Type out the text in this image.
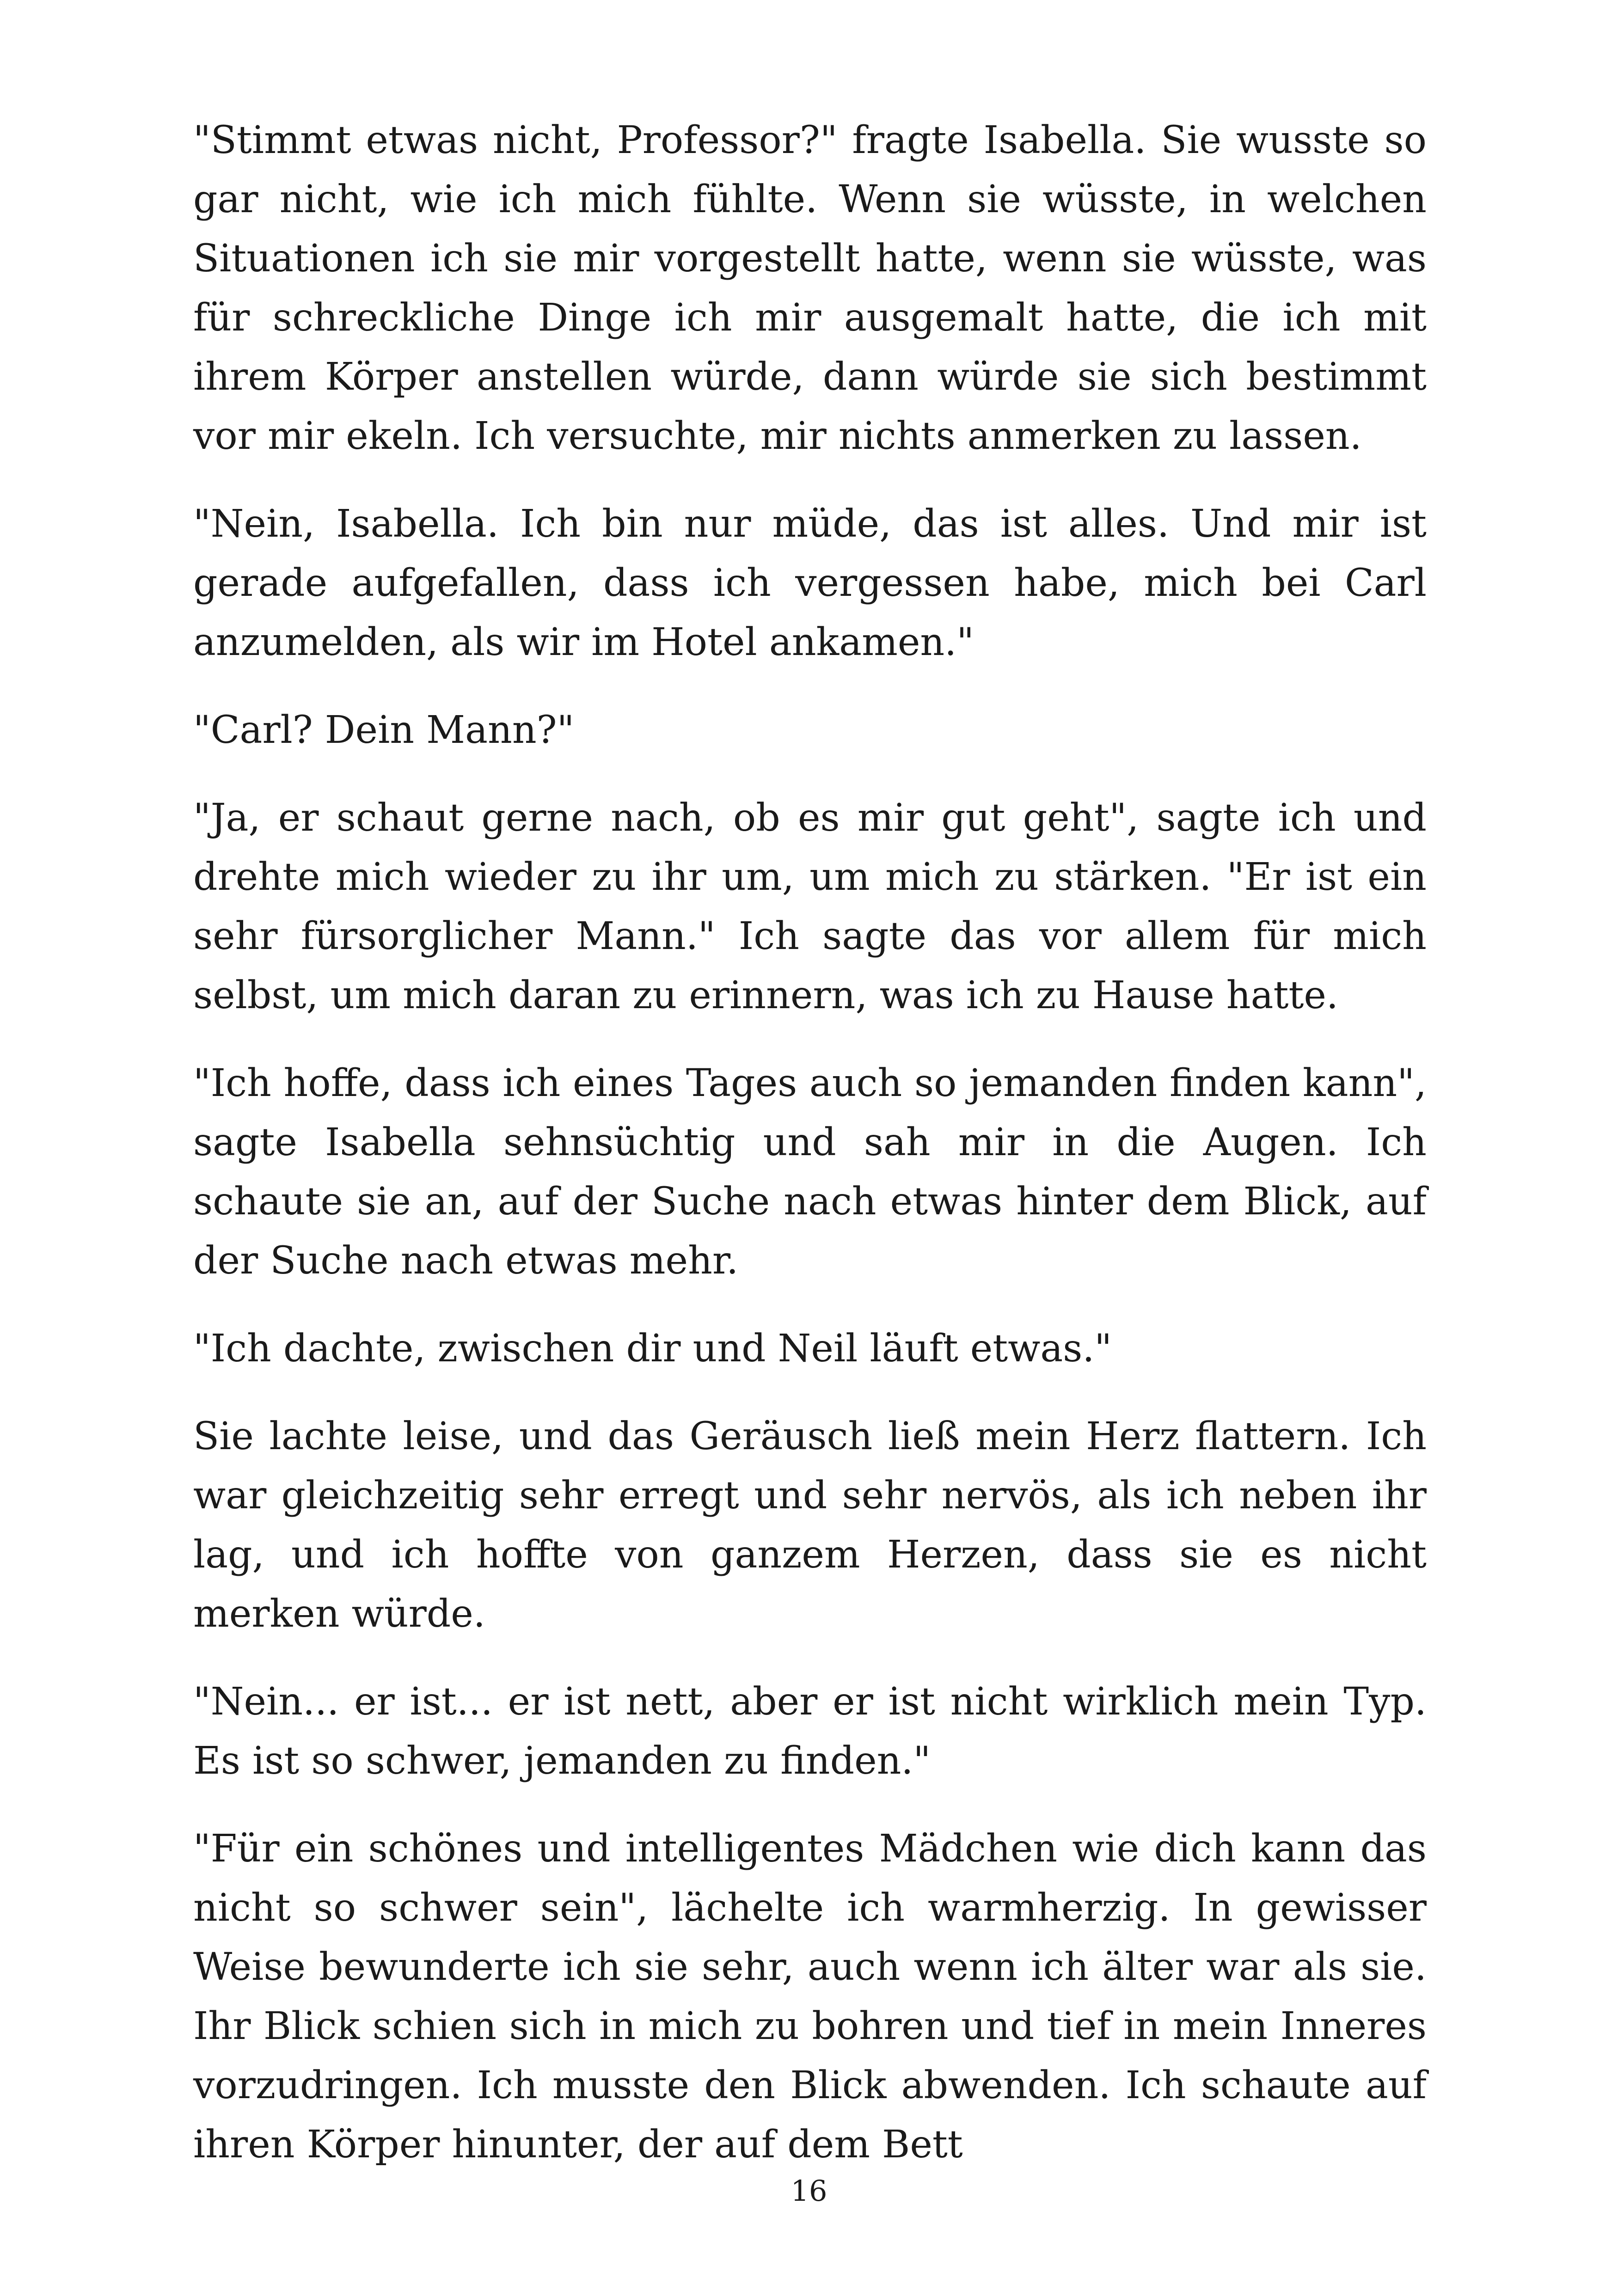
"Stimmt etwas nicht, Professor?" fragte Isabella. Sie wusste so gar nicht, wie ich mich fühlte. Wenn sie wüsste, in welchen Situationen ich sie mir vorgestellt hatte, wenn sie wüsste, was für schreckliche Dinge ich mir ausgemalt hatte, die ich mit ihrem Körper anstellen würde, dann würde sie sich bestimmt vor mir ekeln. Ich versuchte, mir nichts anmerken zu lassen.

"Nein, Isabella. Ich bin nur müde, das ist alles. Und mir ist gerade aufgefallen, dass ich vergessen habe, mich bei Carl anzumelden, als wir im Hotel ankamen."

"Carl? Dein Mann?"

"Ja, er schaut gerne nach, ob es mir gut geht", sagte ich und drehte mich wieder zu ihr um, um mich zu stärken. "Er ist ein sehr fürsorglicher Mann." Ich sagte das vor allem für mich selbst, um mich daran zu erinnern, was ich zu Hause hatte.

"Ich hoffe, dass ich eines Tages auch so jemanden finden kann", sagte Isabella sehnsüchtig und sah mir in die Augen. Ich schaute sie an, auf der Suche nach etwas hinter dem Blick, auf der Suche nach etwas mehr.

"Ich dachte, zwischen dir und Neil läuft etwas."

Sie lachte leise, und das Geräusch ließ mein Herz flattern. Ich war gleichzeitig sehr erregt und sehr nervös, als ich neben ihr lag, und ich hoffte von ganzem Herzen, dass sie es nicht merken würde.

"Nein... er ist... er ist nett, aber er ist nicht wirklich mein Typ. Es ist so schwer, jemanden zu finden."

"Für ein schönes und intelligentes Mädchen wie dich kann das nicht so schwer sein", lächelte ich warmherzig. In gewisser Weise bewunderte ich sie sehr, auch wenn ich älter war als sie. Ihr Blick schien sich in mich zu bohren und tief in mein Inneres vorzudringen. Ich musste den Blick abwenden. Ich schaute auf ihren Körper hinunter, der auf dem Bett

16
